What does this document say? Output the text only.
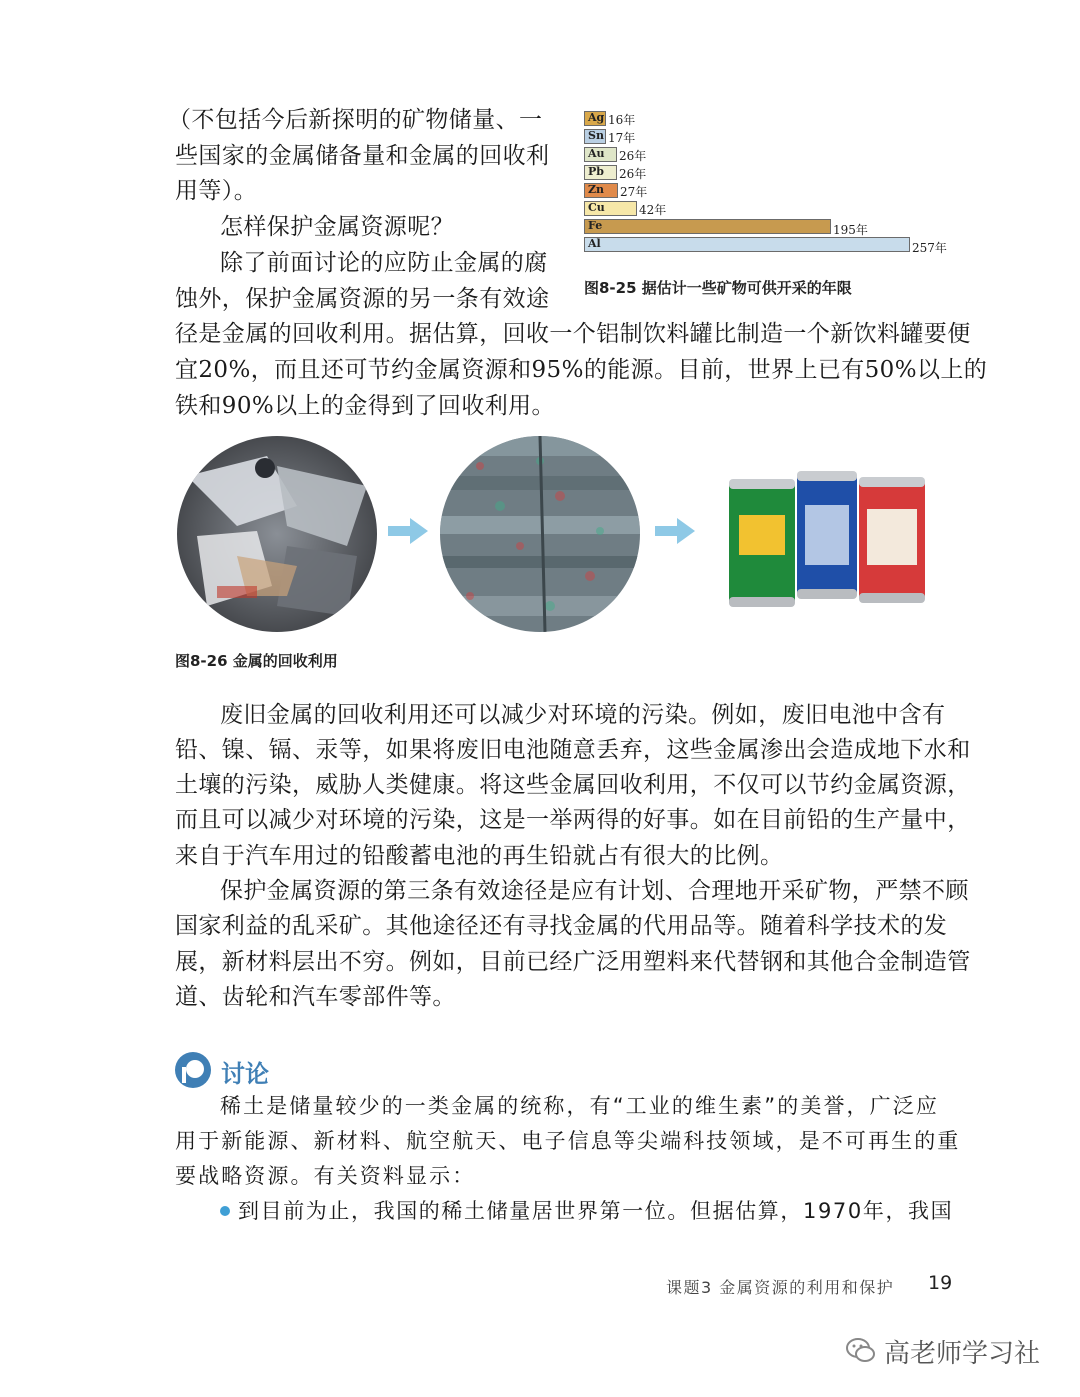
（不包括今后新探明的矿物储量、一
些国家的金属储备量和金属的回收利
用等）。
怎样保护金属资源呢？
除了前面讨论的应防止金属的腐
蚀外，保护金属资源的另一条有效途
径是金属的回收利用。据估算，回收一个铝制饮料罐比制造一个新饮料罐要便
宜20%，而且还可节约金属资源和95%的能源。目前，世界上已有50%以上的
铁和90%以上的金得到了回收利用。
Ag 16年
Sn 17年
Au 26年
Pb 26年
Zn 27年
Cu	42年
Fe	195年
Al	257年
图8-25 据估计一些矿物可供开采的年限
图8-26 金属的回收利用
废旧金属的回收利用还可以减少对环境的污染。例如，废旧电池中含有
铅、镍、镉、汞等，如果将废旧电池随意丢弃，这些金属渗出会造成地下水和
土壤的污染，威胁人类健康。将这些金属回收利用，不仅可以节约金属资源，
而且可以减少对环境的污染，这是一举两得的好事。如在目前铅的生产量中，
来自于汽车用过的铅酸蓄电池的再生铅就占有很大的比例。
保护金属资源的第三条有效途径是应有计划、合理地开采矿物，严禁不顾
国家利益的乱采矿。其他途径还有寻找金属的代用品等。随着科学技术的发
展，新材料层出不穷。例如，目前已经广泛用塑料来代替钢和其他合金制造管
道、齿轮和汽车零部件等。
讨论
稀土是储量较少的一类金属的统称，有“工业的维生素”的美誉，广泛应
用于新能源、新材料、航空航天、电子信息等尖端科技领域，是不可再生的重
要战略资源。有关资料显示：
到目前为止，我国的稀土储量居世界第一位。但据估算，1970年，我国
课题3 金属资源的利用和保护 19
高老师学习社
